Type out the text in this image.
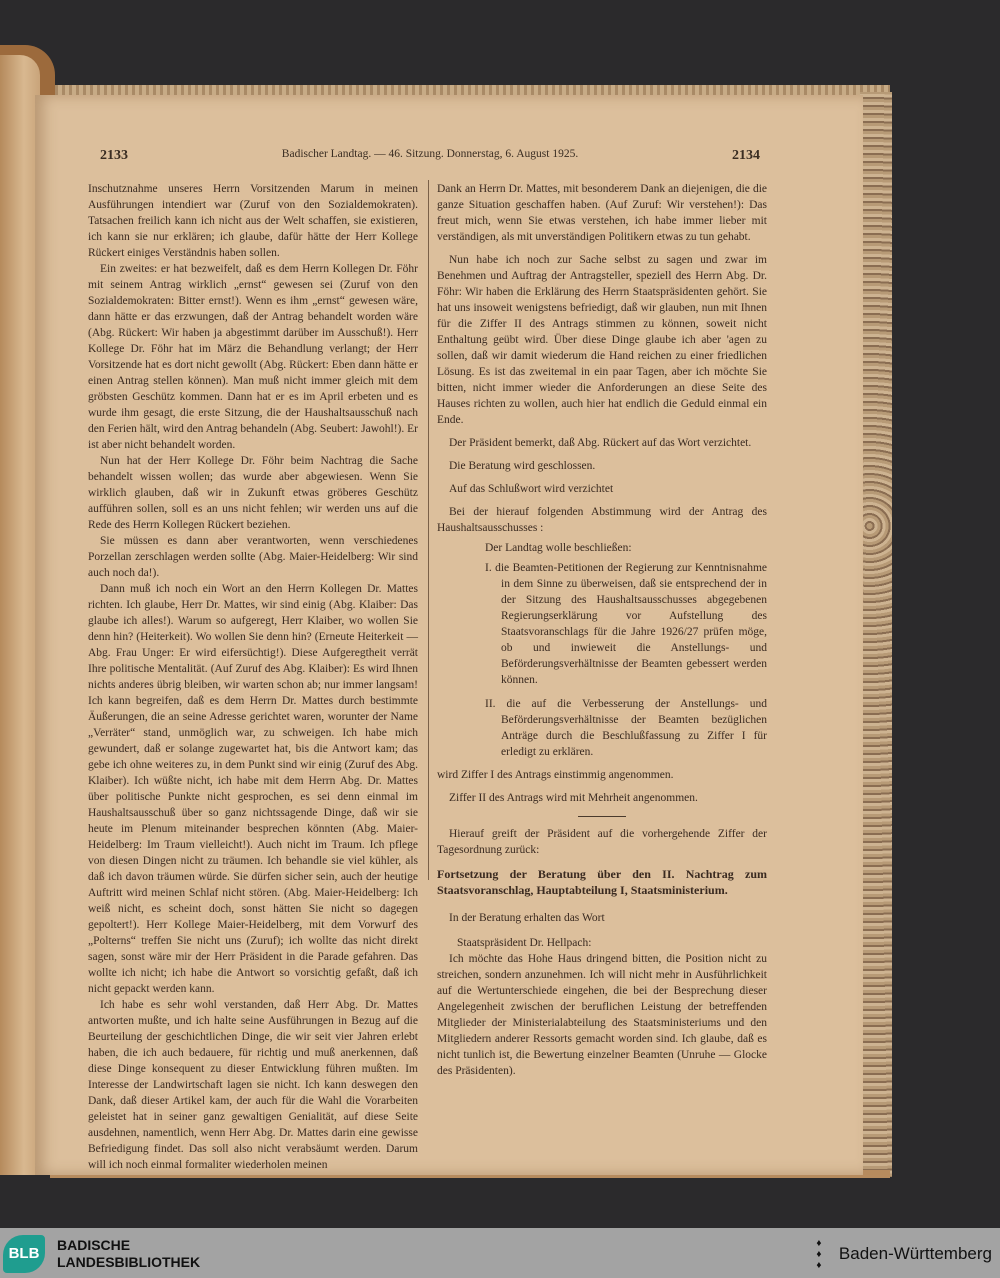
2133	Badischer Landtag. — 46. Sitzung. Donnerstag, 6. August 1925.	2134

Inschutznahme unseres Herrn Vorsitzenden Marum in meinen Ausführungen intendiert war (Zuruf von den Sozialdemokraten). Tatsachen freilich kann ich nicht aus der Welt schaffen, sie existieren, ich kann sie nur erklären; ich glaube, dafür hätte der Herr Kollege Rückert einiges Verständnis haben sollen.

Ein zweites: er hat bezweifelt, daß es dem Herrn Kollegen Dr. Föhr mit seinem Antrag wirklich „ernst“ gewesen sei (Zuruf von den Sozialdemokraten: Bitter ernst!). Wenn es ihm „ernst“ gewesen wäre, dann hätte er das erzwungen, daß der Antrag behandelt worden wäre (Abg. Rückert: Wir haben ja abgestimmt darüber im Ausschuß!). Herr Kollege Dr. Föhr hat im März die Behandlung verlangt; der Herr Vorsitzende hat es dort nicht gewollt (Abg. Rückert: Eben dann hätte er einen Antrag stellen können). Man muß nicht immer gleich mit dem gröbsten Geschütz kommen. Dann hat er es im April erbeten und es wurde ihm gesagt, die erste Sitzung, die der Haushaltsausschuß nach den Ferien hält, wird den Antrag behandeln (Abg. Seubert: Jawohl!). Er ist aber nicht behandelt worden.

Nun hat der Herr Kollege Dr. Föhr beim Nachtrag die Sache behandelt wissen wollen; das wurde aber abgewiesen. Wenn Sie wirklich glauben, daß wir in Zukunft etwas gröberes Geschütz aufführen sollen, soll es an uns nicht fehlen; wir werden uns auf die Rede des Herrn Kollegen Rückert beziehen.

Sie müssen es dann aber verantworten, wenn verschiedenes Porzellan zerschlagen werden sollte (Abg. Maier-Heidelberg: Wir sind auch noch da!).

Dann muß ich noch ein Wort an den Herrn Kollegen Dr. Mattes richten. Ich glaube, Herr Dr. Mattes, wir sind einig (Abg. Klaiber: Das glaube ich alles!). Warum so aufgeregt, Herr Klaiber, wo wollen Sie denn hin? (Heiterkeit). Wo wollen Sie denn hin? (Erneute Heiterkeit — Abg. Frau Unger: Er wird eifersüchtig!). Diese Aufgeregtheit verrät Ihre politische Mentalität. (Auf Zuruf des Abg. Klaiber): Es wird Ihnen nichts anderes übrig bleiben, wir warten schon ab; nur immer langsam! Ich kann begreifen, daß es dem Herrn Dr. Mattes durch bestimmte Äußerungen, die an seine Adresse gerichtet waren, worunter der Name „Verräter“ stand, unmöglich war, zu schweigen. Ich habe mich gewundert, daß er solange zugewartet hat, bis die Antwort kam; das gebe ich ohne weiteres zu, in dem Punkt sind wir einig (Zuruf des Abg. Klaiber). Ich wüßte nicht, ich habe mit dem Herrn Abg. Dr. Mattes über politische Punkte nicht gesprochen, es sei denn einmal im Haushaltsausschuß über so ganz nichtssagende Dinge, daß wir sie heute im Plenum miteinander besprechen könnten (Abg. Maier-Heidelberg: Im Traum vielleicht!). Auch nicht im Traum. Ich pflege von diesen Dingen nicht zu träumen. Ich behandle sie viel kühler, als daß ich davon träumen würde. Sie dürfen sicher sein, auch der heutige Auftritt wird meinen Schlaf nicht stören. (Abg. Maier-Heidelberg: Ich weiß nicht, es scheint doch, sonst hätten Sie nicht so dagegen gepoltert!). Herr Kollege Maier-Heidelberg, mit dem Vorwurf des „Polterns“ treffen Sie nicht uns (Zuruf); ich wollte das nicht direkt sagen, sonst wäre mir der Herr Präsident in die Parade gefahren. Das wollte ich nicht; ich habe die Antwort so vorsichtig gefaßt, daß ich nicht gepackt werden kann.

Ich habe es sehr wohl verstanden, daß Herr Abg. Dr. Mattes antworten mußte, und ich halte seine Ausführungen in Bezug auf die Beurteilung der geschichtlichen Dinge, die wir seit vier Jahren erlebt haben, die ich auch bedauere, für richtig und muß anerkennen, daß diese Dinge konsequent zu dieser Entwicklung führen mußten. Im Interesse der Landwirtschaft lagen sie nicht. Ich kann deswegen den Dank, daß dieser Artikel kam, der auch für die Wahl die Vorarbeiten geleistet hat in seiner ganz gewaltigen Genialität, auf diese Seite ausdehnen, namentlich, wenn Herr Abg. Dr. Mattes darin eine gewisse Befriedigung findet. Das soll also nicht verabsäumt werden. Darum will ich noch einmal formaliter wiederholen meinen

Dank an Herrn Dr. Mattes, mit besonderem Dank an diejenigen, die die ganze Situation geschaffen haben. (Auf Zuruf: Wir verstehen!): Das freut mich, wenn Sie etwas verstehen, ich habe immer lieber mit verständigen, als mit unverständigen Politikern etwas zu tun gehabt.

Nun habe ich noch zur Sache selbst zu sagen und zwar im Benehmen und Auftrag der Antragsteller, speziell des Herrn Abg. Dr. Föhr: Wir haben die Erklärung des Herrn Staatspräsidenten gehört. Sie hat uns insoweit wenigstens befriedigt, daß wir glauben, nun mit Ihnen für die Ziffer II des Antrags stimmen zu können, soweit nicht Enthaltung geübt wird. Über diese Dinge glaube ich aber 'agen zu sollen, daß wir damit wiederum die Hand reichen zu einer friedlichen Lösung. Es ist das zweitemal in ein paar Tagen, aber ich möchte Sie bitten, nicht immer wieder die Anforderungen an diese Seite des Hauses richten zu wollen, auch hier hat endlich die Geduld einmal ein Ende.

Der Präsident bemerkt, daß Abg. Rückert auf das Wort verzichtet.

Die Beratung wird geschlossen.

Auf das Schlußwort wird verzichtet

Bei der hierauf folgenden Abstimmung wird der Antrag des Haushaltsausschusses :

Der Landtag wolle beschließen:
I. die Beamten-Petitionen der Regierung zur Kenntnisnahme in dem Sinne zu überweisen, daß sie entsprechend der in der Sitzung des Haushaltsausschusses abgegebenen Regierungserklärung vor Aufstellung des Staatsvoranschlags für die Jahre 1926/27 prüfen möge, ob und inwieweit die Anstellungs- und Beförderungsverhältnisse der Beamten gebessert werden können.
II. die auf die Verbesserung der Anstellungs- und Beförderungsverhältnisse der Beamten bezüglichen Anträge durch die Beschlußfassung zu Ziffer I für erledigt zu erklären.

wird Ziffer I des Antrags einstimmig angenommen.

Ziffer II des Antrags wird mit Mehrheit angenommen.

Hierauf greift der Präsident auf die vorhergehende Ziffer der Tagesordnung zurück:

Fortsetzung der Beratung über den II. Nachtrag zum Staatsvoranschlag, Hauptabteilung I, Staatsministerium.

In der Beratung erhalten das Wort

Staatspräsident Dr. Hellpach:

Ich möchte das Hohe Haus dringend bitten, die Position nicht zu streichen, sondern anzunehmen. Ich will nicht mehr in Ausführlichkeit auf die Wertunterschiede eingehen, die bei der Besprechung dieser Angelegenheit zwischen der beruflichen Leistung der betreffenden Mitglieder der Ministerialabteilung des Staatsministeriums und den Mitgliedern anderer Ressorts gemacht worden sind. Ich glaube, daß es nicht tunlich ist, die Bewertung einzelner Beamten (Unruhe — Glocke des Präsidenten).

BLB	BADISCHE
LANDESBIBLIOTHEK
♦
♦
♦
Baden-Württemberg
